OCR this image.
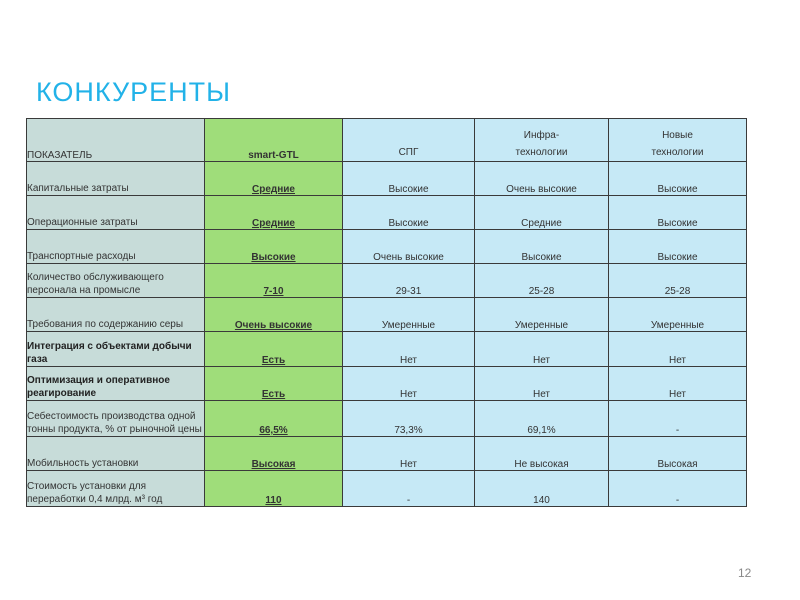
КОНКУРЕНТЫ
ПОКАЗАТЕЛЬ	smart-GTL	СПГ	Инфра-технологии	Новые технологии

Капитальные затраты	Средние	Высокие	Очень высокие	Высокие
Операционные затраты	Средние	Высокие	Средние	Высокие
Транспортные расходы	Высокие	Очень высокие	Высокие	Высокие
Количество обслуживающего персонала на промысле	7-10	29-31	25-28	25-28
Требования по содержанию серы	Очень высокие	Умеренные	Умеренные	Умеренные
Интеграция с объектами добычи газа	Есть	Нет	Нет	Нет
Оптимизация и оперативное реагирование	Есть	Нет	Нет	Нет
Себестоимость производства одной тонны продукта, % от рыночной цены	66,5%	73,3%	69,1%	-
Мобильность установки	Высокая	Нет	Не высокая	Высокая
Стоимость установки для переработки 0,4 млрд. м³ год	110	-	140	-
12
